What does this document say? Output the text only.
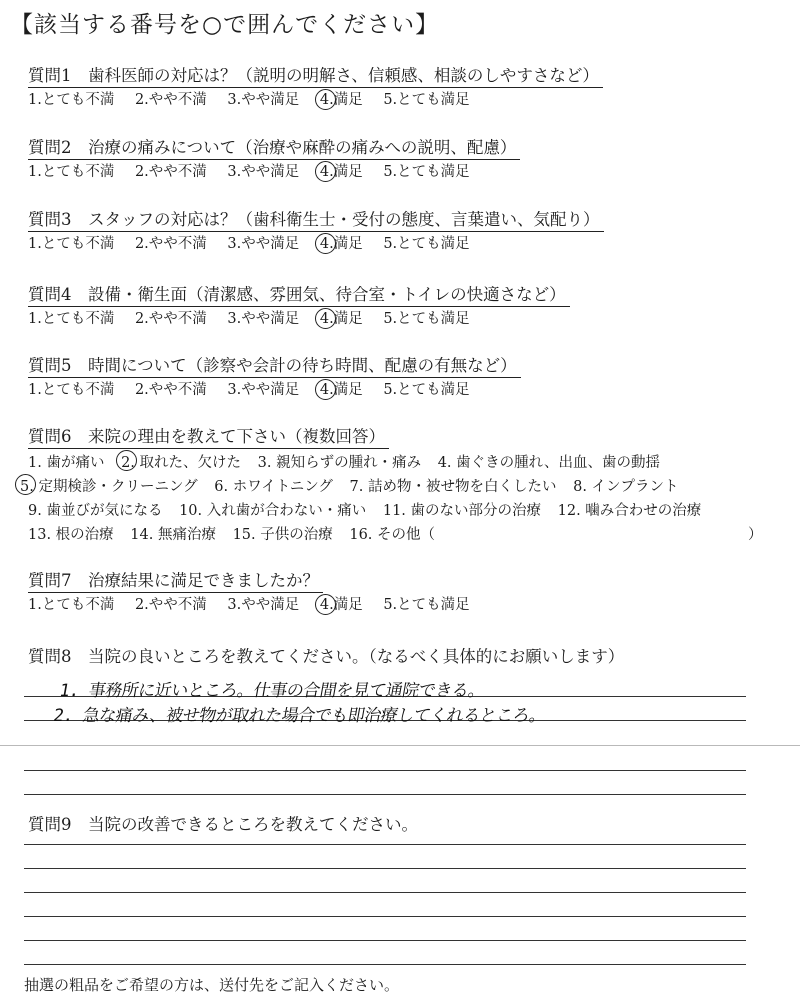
【該当する番号を○で囲んでください】
質問1　歯科医師の対応は？（説明の明解さ、信頼感、相談のしやすさなど）
1.とても不満 2.やや不満 3.やや満足 4.満足 5.とても満足
質問2　治療の痛みについて（治療や麻酔の痛みへの説明、配慮）
1.とても不満 2.やや不満 3.やや満足 4.満足 5.とても満足
質問3　スタッフの対応は？（歯科衛生士・受付の態度、言葉遣い、気配り）
1.とても不満 2.やや不満 3.やや満足 4.満足 5.とても満足
質問4　設備・衛生面（清潔感、雰囲気、待合室・トイレの快適さなど）
1.とても不満 2.やや不満 3.やや満足 4.満足 5.とても満足
質問5　時間について（診察や会計の待ち時間、配慮の有無など）
1.とても不満 2.やや不満 3.やや満足 4.満足 5.とても満足
質問6　来院の理由を教えて下さい（複数回答）
1. 歯が痛い 2. 取れた、欠けた 3. 親知らずの腫れ・痛み 4. 歯ぐきの腫れ、出血、歯の動揺
5. 定期検診・クリーニング 6. ホワイトニング 7. 詰め物・被せ物を白くしたい 8. インプラント
9. 歯並びが気になる 10. 入れ歯が合わない・痛い 11. 歯のない部分の治療 12. 噛み合わせの治療
13. 根の治療 14. 無痛治療 15. 子供の治療 16. その他（	）
質問7　治療結果に満足できましたか？
1.とても不満 2.やや不満 3.やや満足 4.満足 5.とても満足
質問8　当院の良いところを教えてください。（なるべく具体的にお願いします）
1. 事務所に近いところ。仕事の合間を見て通院できる。
2. 急な痛み、被せ物が取れた場合でも即治療してくれるところ。
質問9　当院の改善できるところを教えてください。
抽選の粗品をご希望の方は、送付先をご記入ください。
